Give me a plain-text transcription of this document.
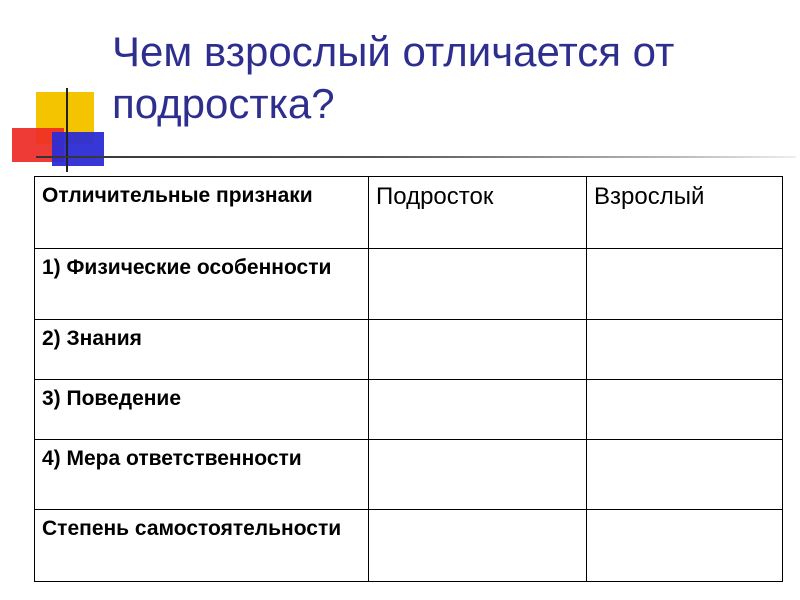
Чем взрослый отличается от подростка?
Отличительные признаки	Подросток	Взрослый
1) Физические особенности		
2) Знания		
3) Поведение		
4) Мера ответственности		
Степень самостоятельности		
